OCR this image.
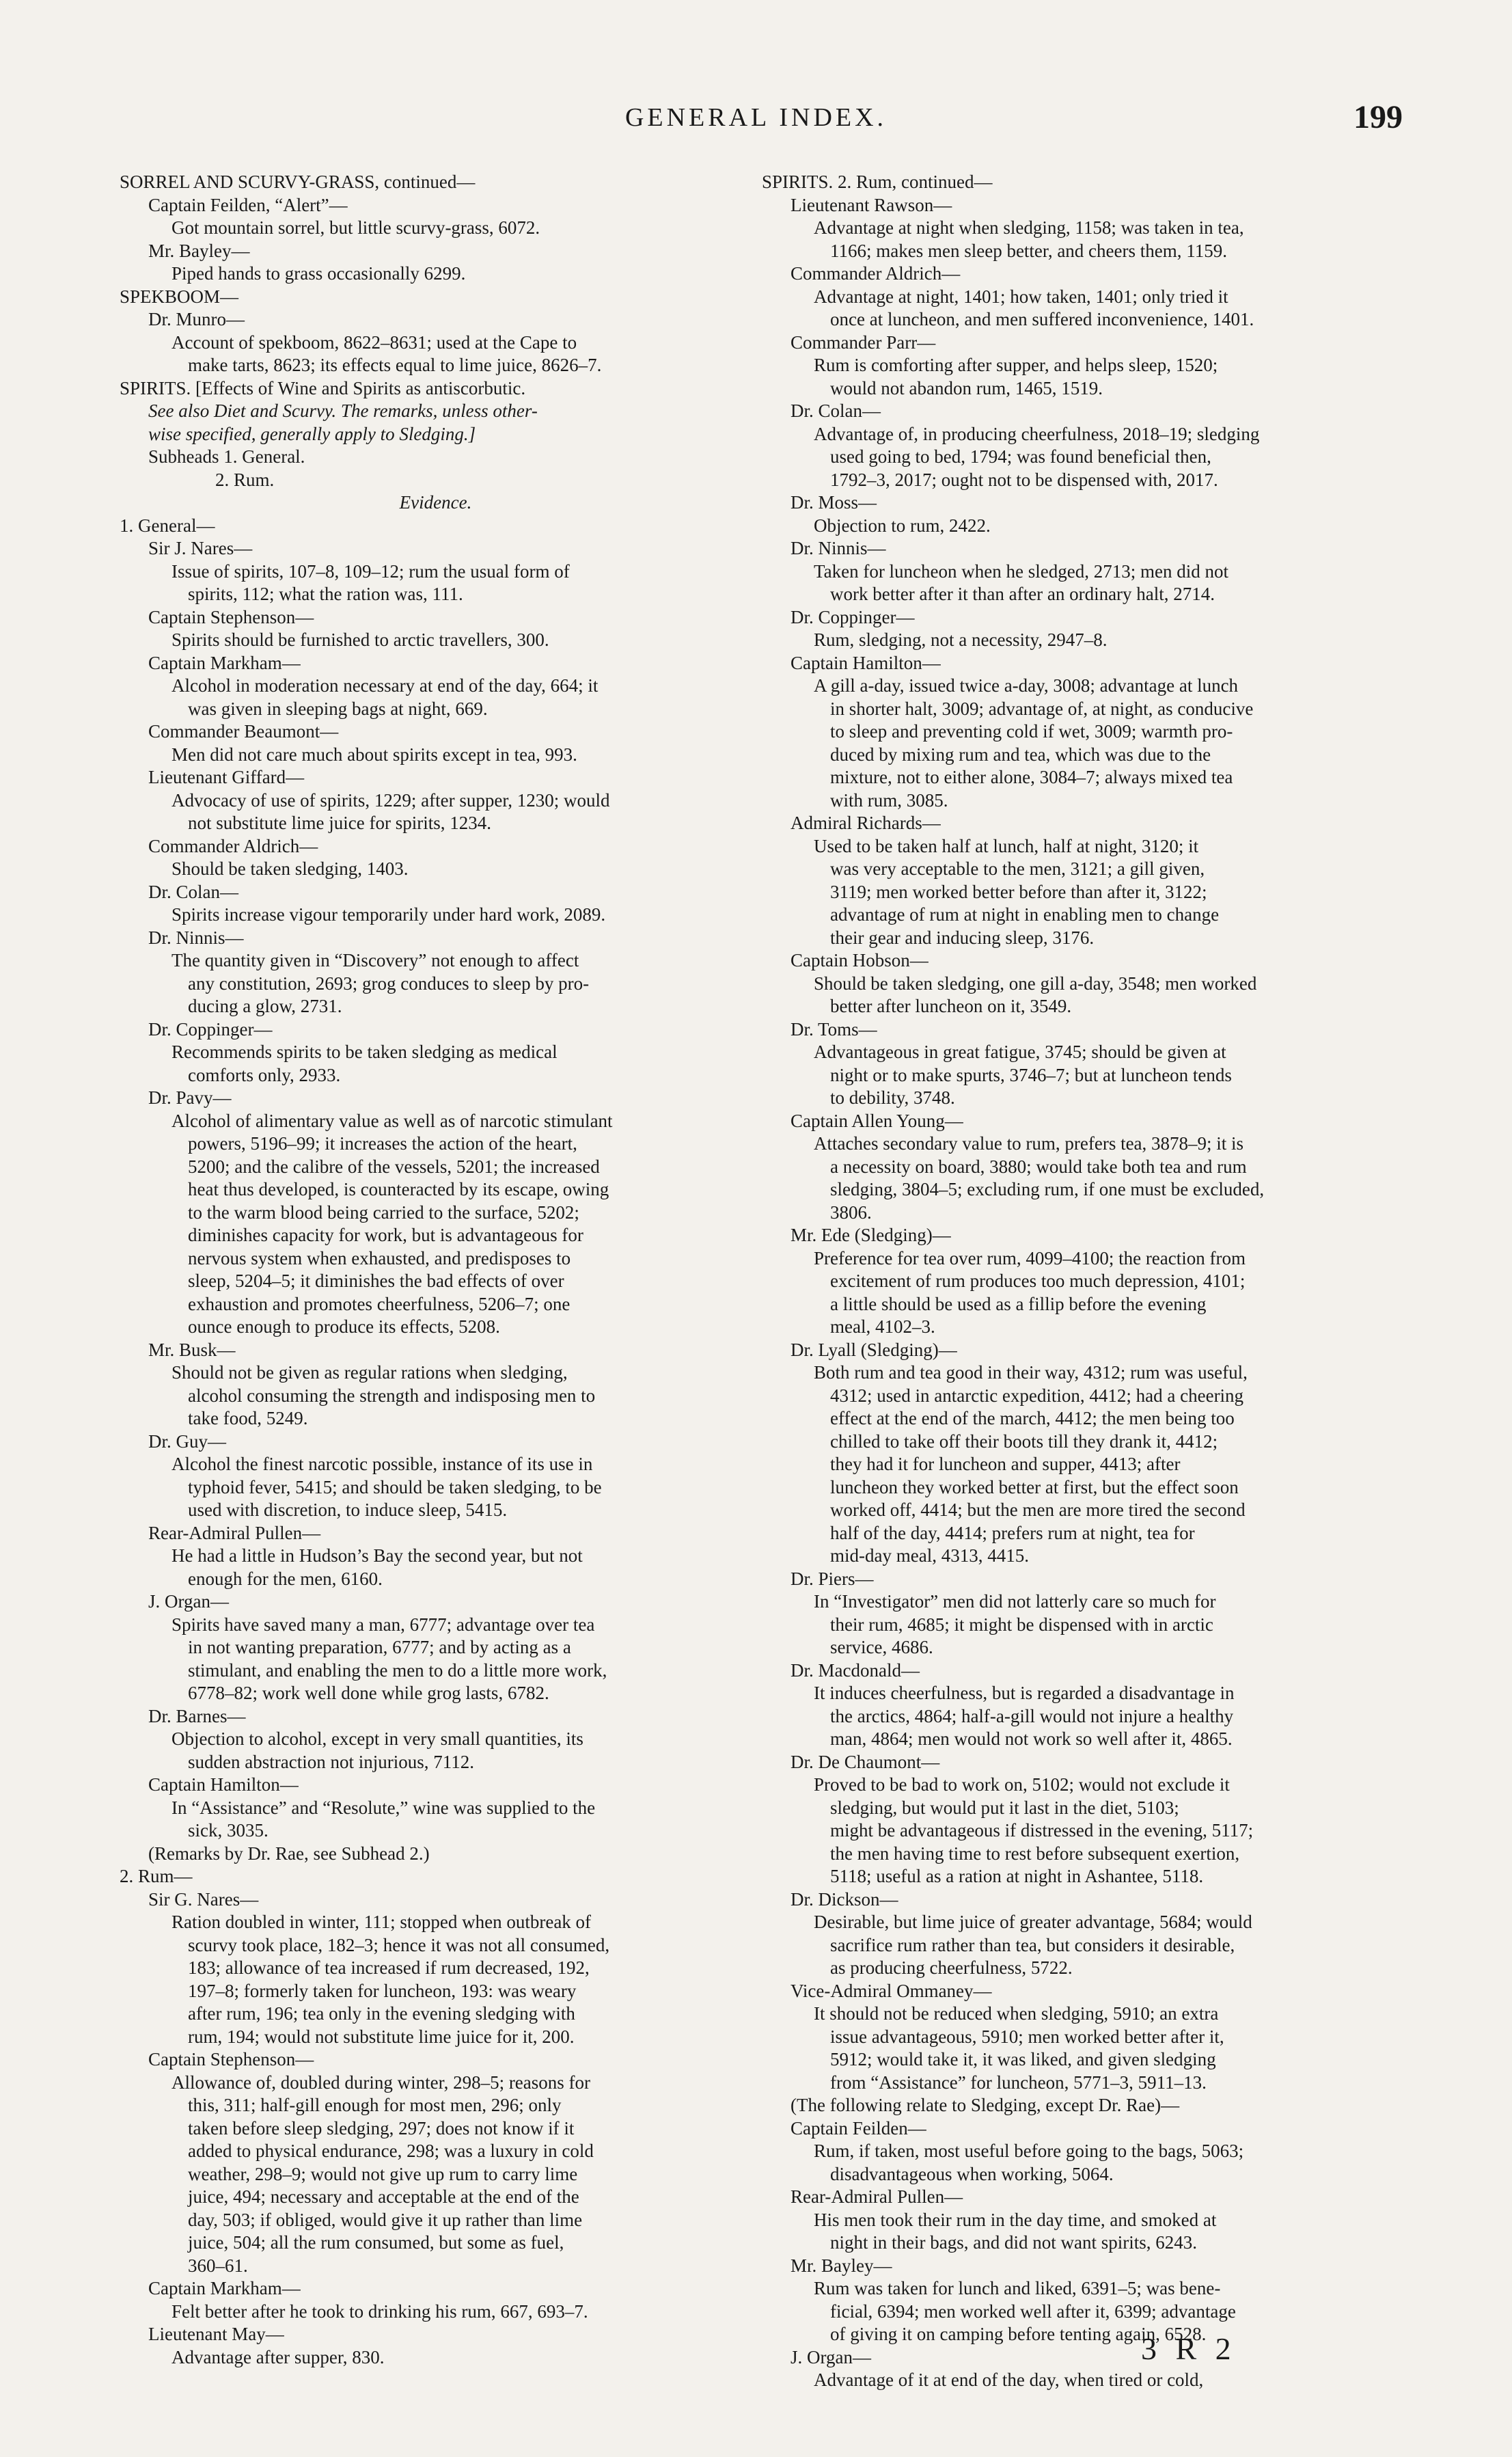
GENERAL INDEX.	199
SORREL AND SCURVY-GRASS, continued—
Captain Feilden, “Alert”—
Got mountain sorrel, but little scurvy-grass, 6072.
Mr. Bayley—
Piped hands to grass occasionally 6299.
SPEKBOOM—
Dr. Munro—
Account of spekboom, 8622–8631; used at the Cape to
make tarts, 8623; its effects equal to lime juice, 8626–7.
SPIRITS. [Effects of Wine and Spirits as antiscorbutic.
See also Diet and Scurvy. The remarks, unless other-
wise specified, generally apply to Sledging.]
Subheads 1. General.
2. Rum.
Evidence.
1. General—
Sir J. Nares—
Issue of spirits, 107–8, 109–12; rum the usual form of
spirits, 112; what the ration was, 111.
Captain Stephenson—
Spirits should be furnished to arctic travellers, 300.
Captain Markham—
Alcohol in moderation necessary at end of the day, 664; it
was given in sleeping bags at night, 669.
Commander Beaumont—
Men did not care much about spirits except in tea, 993.
Lieutenant Giffard—
Advocacy of use of spirits, 1229; after supper, 1230; would
not substitute lime juice for spirits, 1234.
Commander Aldrich—
Should be taken sledging, 1403.
Dr. Colan—
Spirits increase vigour temporarily under hard work, 2089.
Dr. Ninnis—
The quantity given in “Discovery” not enough to affect
any constitution, 2693; grog conduces to sleep by pro-
ducing a glow, 2731.
Dr. Coppinger—
Recommends spirits to be taken sledging as medical
comforts only, 2933.
Dr. Pavy—
Alcohol of alimentary value as well as of narcotic stimulant
powers, 5196–99; it increases the action of the heart,
5200; and the calibre of the vessels, 5201; the increased
heat thus developed, is counteracted by its escape, owing
to the warm blood being carried to the surface, 5202;
diminishes capacity for work, but is advantageous for
nervous system when exhausted, and predisposes to
sleep, 5204–5; it diminishes the bad effects of over
exhaustion and promotes cheerfulness, 5206–7; one
ounce enough to produce its effects, 5208.
Mr. Busk—
Should not be given as regular rations when sledging,
alcohol consuming the strength and indisposing men to
take food, 5249.
Dr. Guy—
Alcohol the finest narcotic possible, instance of its use in
typhoid fever, 5415; and should be taken sledging, to be
used with discretion, to induce sleep, 5415.
Rear-Admiral Pullen—
He had a little in Hudson’s Bay the second year, but not
enough for the men, 6160.
J. Organ—
Spirits have saved many a man, 6777; advantage over tea
in not wanting preparation, 6777; and by acting as a
stimulant, and enabling the men to do a little more work,
6778–82; work well done while grog lasts, 6782.
Dr. Barnes—
Objection to alcohol, except in very small quantities, its
sudden abstraction not injurious, 7112.
Captain Hamilton—
In “Assistance” and “Resolute,” wine was supplied to the
sick, 3035.
(Remarks by Dr. Rae, see Subhead 2.)
2. Rum—
Sir G. Nares—
Ration doubled in winter, 111; stopped when outbreak of
scurvy took place, 182–3; hence it was not all consumed,
183; allowance of tea increased if rum decreased, 192,
197–8; formerly taken for luncheon, 193: was weary
after rum, 196; tea only in the evening sledging with
rum, 194; would not substitute lime juice for it, 200.
Captain Stephenson—
Allowance of, doubled during winter, 298–5; reasons for
this, 311; half-gill enough for most men, 296; only
taken before sleep sledging, 297; does not know if it
added to physical endurance, 298; was a luxury in cold
weather, 298–9; would not give up rum to carry lime
juice, 494; necessary and acceptable at the end of the
day, 503; if obliged, would give it up rather than lime
juice, 504; all the rum consumed, but some as fuel,
360–61.
Captain Markham—
Felt better after he took to drinking his rum, 667, 693–7.
Lieutenant May—
Advantage after supper, 830.
SPIRITS. 2. Rum, continued—
Lieutenant Rawson—
Advantage at night when sledging, 1158; was taken in tea,
1166; makes men sleep better, and cheers them, 1159.
Commander Aldrich—
Advantage at night, 1401; how taken, 1401; only tried it
once at luncheon, and men suffered inconvenience, 1401.
Commander Parr—
Rum is comforting after supper, and helps sleep, 1520;
would not abandon rum, 1465, 1519.
Dr. Colan—
Advantage of, in producing cheerfulness, 2018–19; sledging
used going to bed, 1794; was found beneficial then,
1792–3, 2017; ought not to be dispensed with, 2017.
Dr. Moss—
Objection to rum, 2422.
Dr. Ninnis—
Taken for luncheon when he sledged, 2713; men did not
work better after it than after an ordinary halt, 2714.
Dr. Coppinger—
Rum, sledging, not a necessity, 2947–8.
Captain Hamilton—
A gill a-day, issued twice a-day, 3008; advantage at lunch
in shorter halt, 3009; advantage of, at night, as conducive
to sleep and preventing cold if wet, 3009; warmth pro-
duced by mixing rum and tea, which was due to the
mixture, not to either alone, 3084–7; always mixed tea
with rum, 3085.
Admiral Richards—
Used to be taken half at lunch, half at night, 3120; it
was very acceptable to the men, 3121; a gill given,
3119; men worked better before than after it, 3122;
advantage of rum at night in enabling men to change
their gear and inducing sleep, 3176.
Captain Hobson—
Should be taken sledging, one gill a-day, 3548; men worked
better after luncheon on it, 3549.
Dr. Toms—
Advantageous in great fatigue, 3745; should be given at
night or to make spurts, 3746–7; but at luncheon tends
to debility, 3748.
Captain Allen Young—
Attaches secondary value to rum, prefers tea, 3878–9; it is
a necessity on board, 3880; would take both tea and rum
sledging, 3804–5; excluding rum, if one must be excluded,
3806.
Mr. Ede (Sledging)—
Preference for tea over rum, 4099–4100; the reaction from
excitement of rum produces too much depression, 4101;
a little should be used as a fillip before the evening
meal, 4102–3.
Dr. Lyall (Sledging)—
Both rum and tea good in their way, 4312; rum was useful,
4312; used in antarctic expedition, 4412; had a cheering
effect at the end of the march, 4412; the men being too
chilled to take off their boots till they drank it, 4412;
they had it for luncheon and supper, 4413; after
luncheon they worked better at first, but the effect soon
worked off, 4414; but the men are more tired the second
half of the day, 4414; prefers rum at night, tea for
mid-day meal, 4313, 4415.
Dr. Piers—
In “Investigator” men did not latterly care so much for
their rum, 4685; it might be dispensed with in arctic
service, 4686.
Dr. Macdonald—
It induces cheerfulness, but is regarded a disadvantage in
the arctics, 4864; half-a-gill would not injure a healthy
man, 4864; men would not work so well after it, 4865.
Dr. De Chaumont—
Proved to be bad to work on, 5102; would not exclude it
sledging, but would put it last in the diet, 5103;
might be advantageous if distressed in the evening, 5117;
the men having time to rest before subsequent exertion,
5118; useful as a ration at night in Ashantee, 5118.
Dr. Dickson—
Desirable, but lime juice of greater advantage, 5684; would
sacrifice rum rather than tea, but considers it desirable,
as producing cheerfulness, 5722.
Vice-Admiral Ommaney—
It should not be reduced when sledging, 5910; an extra
issue advantageous, 5910; men worked better after it,
5912; would take it, it was liked, and given sledging
from “Assistance” for luncheon, 5771–3, 5911–13.
(The following relate to Sledging, except Dr. Rae)—
Captain Feilden—
Rum, if taken, most useful before going to the bags, 5063;
disadvantageous when working, 5064.
Rear-Admiral Pullen—
His men took their rum in the day time, and smoked at
night in their bags, and did not want spirits, 6243.
Mr. Bayley—
Rum was taken for lunch and liked, 6391–5; was bene-
ficial, 6394; men worked well after it, 6399; advantage
of giving it on camping before tenting again, 6528.
J. Organ—
Advantage of it at end of the day, when tired or cold,
3 R 2
